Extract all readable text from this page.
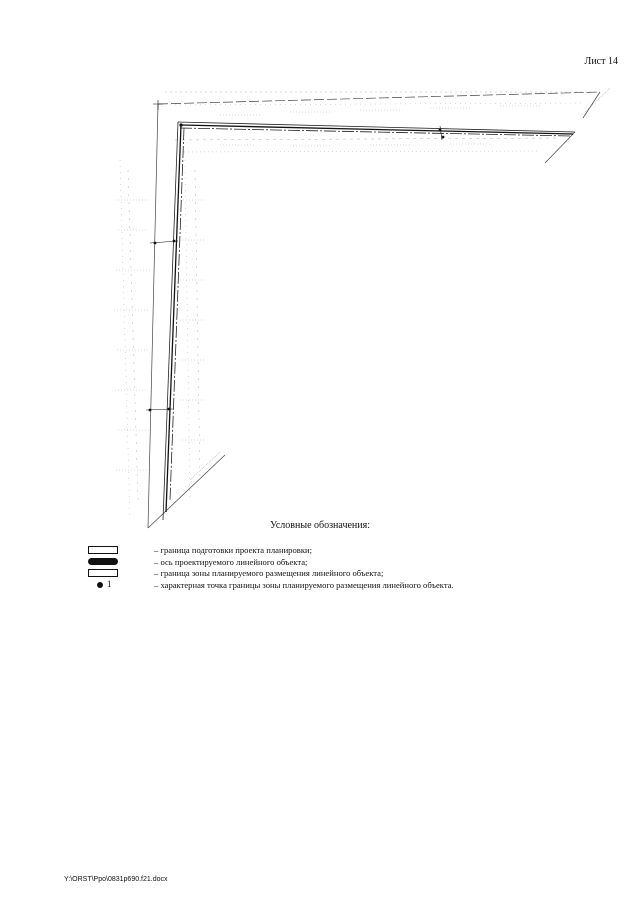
Лист 14
Условные обозначения:
– граница подготовки проекта планировки;
– ось проектируемого линейного объекта;
– граница зоны планируемого размещения линейного объекта;
1	– характерная точка границы зоны планируемого размещения линейного объекта.
Y:\ORST\Ppo\0831p690.f21.docx
